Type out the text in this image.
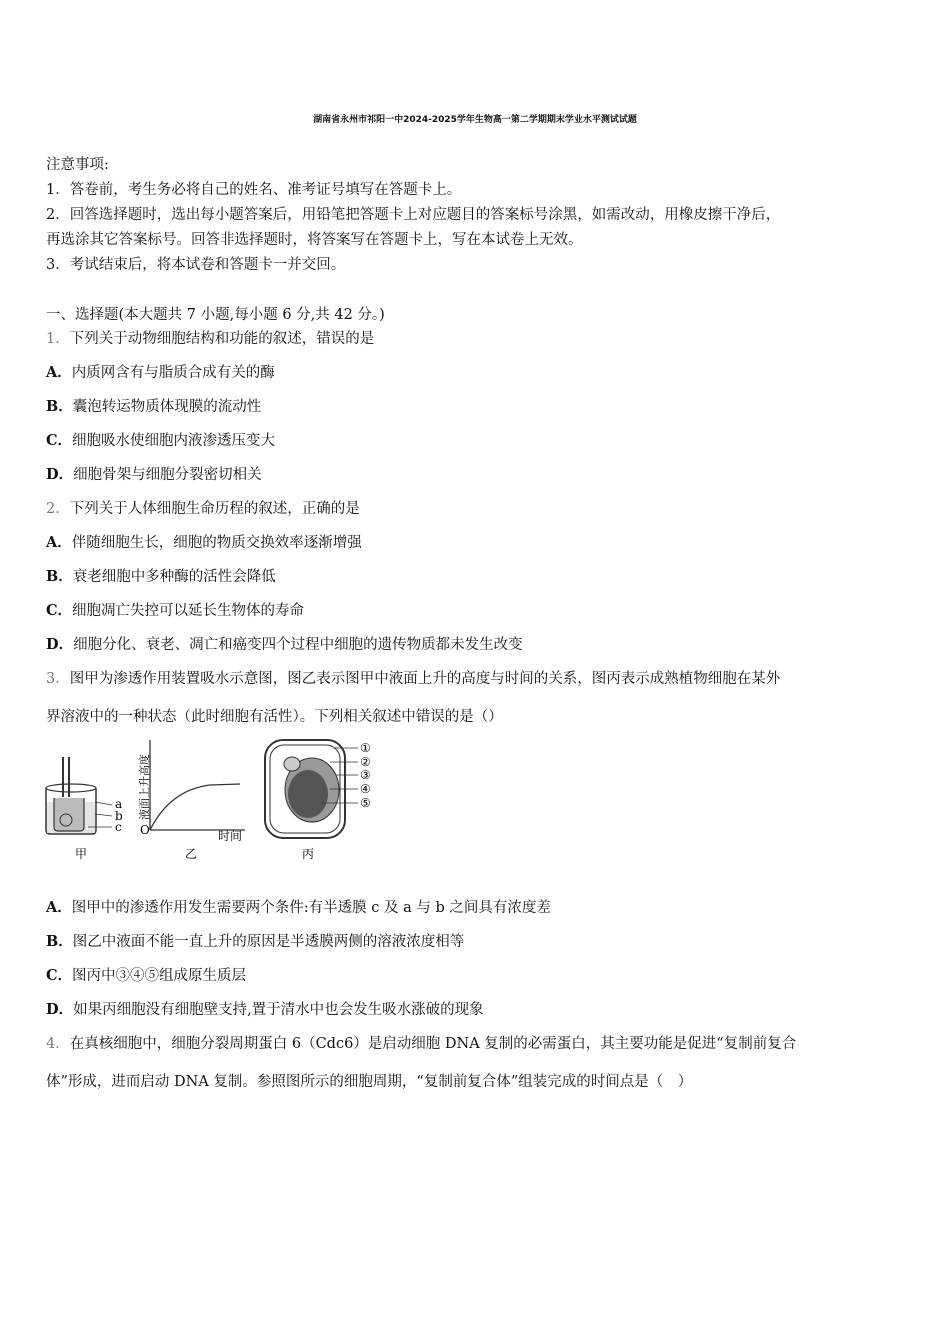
湖南省永州市祁阳一中2024-2025学年生物高一第二学期期末学业水平测试试题
注意事项:
1．答卷前，考生务必将自己的姓名、准考证号填写在答题卡上。
2．回答选择题时，选出每小题答案后，用铅笔把答题卡上对应题目的答案标号涂黑，如需改动，用橡皮擦干净后，
再选涂其它答案标号。回答非选择题时，将答案写在答题卡上，写在本试卷上无效。
3．考试结束后，将本试卷和答题卡一并交回。
一、选择题(本大题共 7 小题,每小题 6 分,共 42 分。)
1．下列关于动物细胞结构和功能的叙述，错误的是
A．内质网含有与脂质合成有关的酶
B．囊泡转运物质体现膜的流动性
C．细胞吸水使细胞内液渗透压变大
D．细胞骨架与细胞分裂密切相关
2．下列关于人体细胞生命历程的叙述，正确的是
A．伴随细胞生长，细胞的物质交换效率逐渐增强
B．衰老细胞中多种酶的活性会降低
C．细胞凋亡失控可以延长生物体的寿命
D．细胞分化、衰老、凋亡和癌变四个过程中细胞的遗传物质都未发生改变
3．图甲为渗透作用装置吸水示意图，图乙表示图甲中液面上升的高度与时间的关系，图丙表示成熟植物细胞在某外
界溶液中的一种状态（此时细胞有活性）。下列相关叙述中错误的是（）
a
b
c
甲
O	时间
液面上升高度
乙
①
②
③
④
⑤
丙
A．图甲中的渗透作用发生需要两个条件:有半透膜 c 及 a 与 b 之间具有浓度差
B．图乙中液面不能一直上升的原因是半透膜两侧的溶液浓度相等
C．图丙中③④⑤组成原生质层
D．如果丙细胞没有细胞壁支持,置于清水中也会发生吸水涨破的现象
4．在真核细胞中，细胞分裂周期蛋白 6（Cdc6）是启动细胞 DNA 复制的必需蛋白，其主要功能是促进“复制前复合
体”形成，进而启动 DNA 复制。参照图所示的细胞周期，“复制前复合体”组装完成的时间点是（　）
